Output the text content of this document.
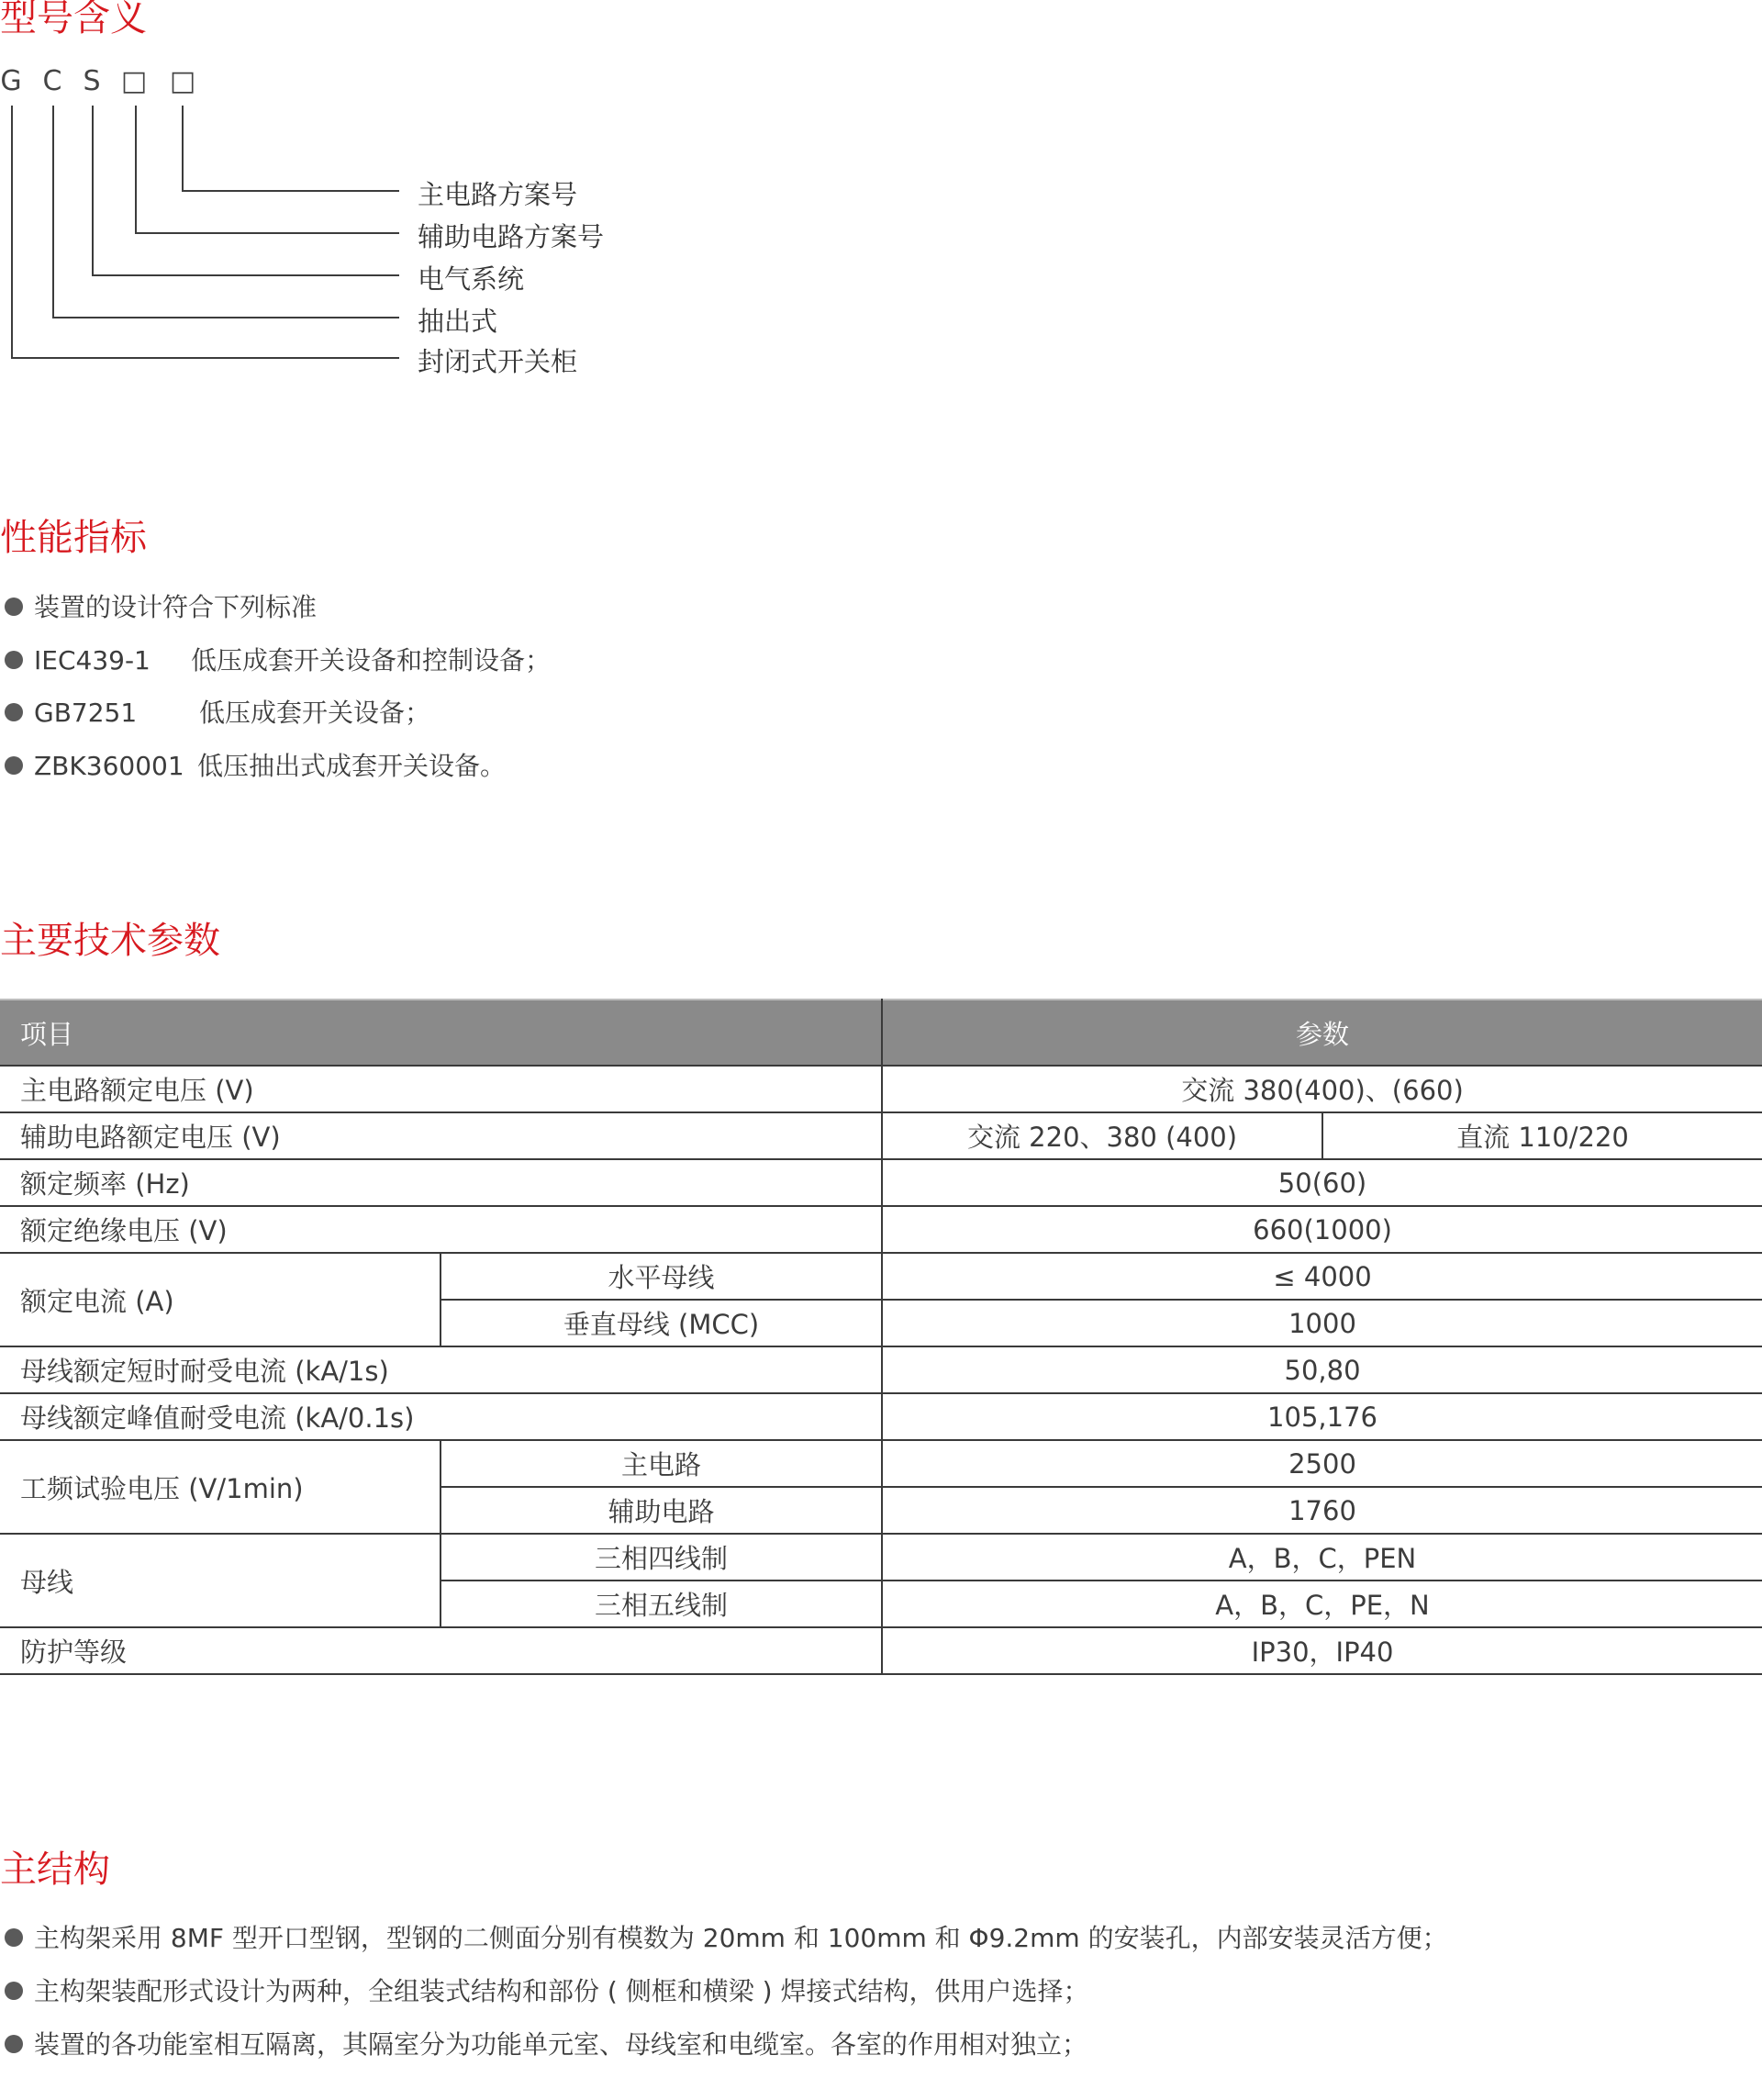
型号含义
G C S □ □
主电路方案号
辅助电路方案号
电气系统
抽出式
封闭式开关柜
性能指标
装置的设计符合下列标准
IEC439-1 低压成套开关设备和控制设备；
GB7251 低压成套开关设备；
ZBK360001 低压抽出式成套开关设备。
主要技术参数
项目		参数	
主电路额定电压 (V)		交流 380(400)、(660)	
辅助电路额定电压 (V)		交流 220、380 (400)	直流 110/220
额定频率 (Hz)		50(60)	
额定绝缘电压 (V)		660(1000)	
额定电流 (A)	水平母线	≤ 4000	
	垂直母线 (MCC)	1000	
母线额定短时耐受电流 (kA/1s)		50,80	
母线额定峰值耐受电流 (kA/0.1s)		105,176	
工频试验电压 (V/1min)	主电路	2500	
	辅助电路	1760	
母线	三相四线制	A，B，C，PEN	
	三相五线制	A，B，C，PE，N	
防护等级		IP30，IP40	
主结构
主构架采用 8MF 型开口型钢，型钢的二侧面分别有模数为 20mm 和 100mm 和 Φ9.2mm 的安装孔，内部安装灵活方便；
主构架装配形式设计为两种，全组装式结构和部份 ( 侧框和横梁 ) 焊接式结构，供用户选择；
装置的各功能室相互隔离，其隔室分为功能单元室、母线室和电缆室。各室的作用相对独立；
